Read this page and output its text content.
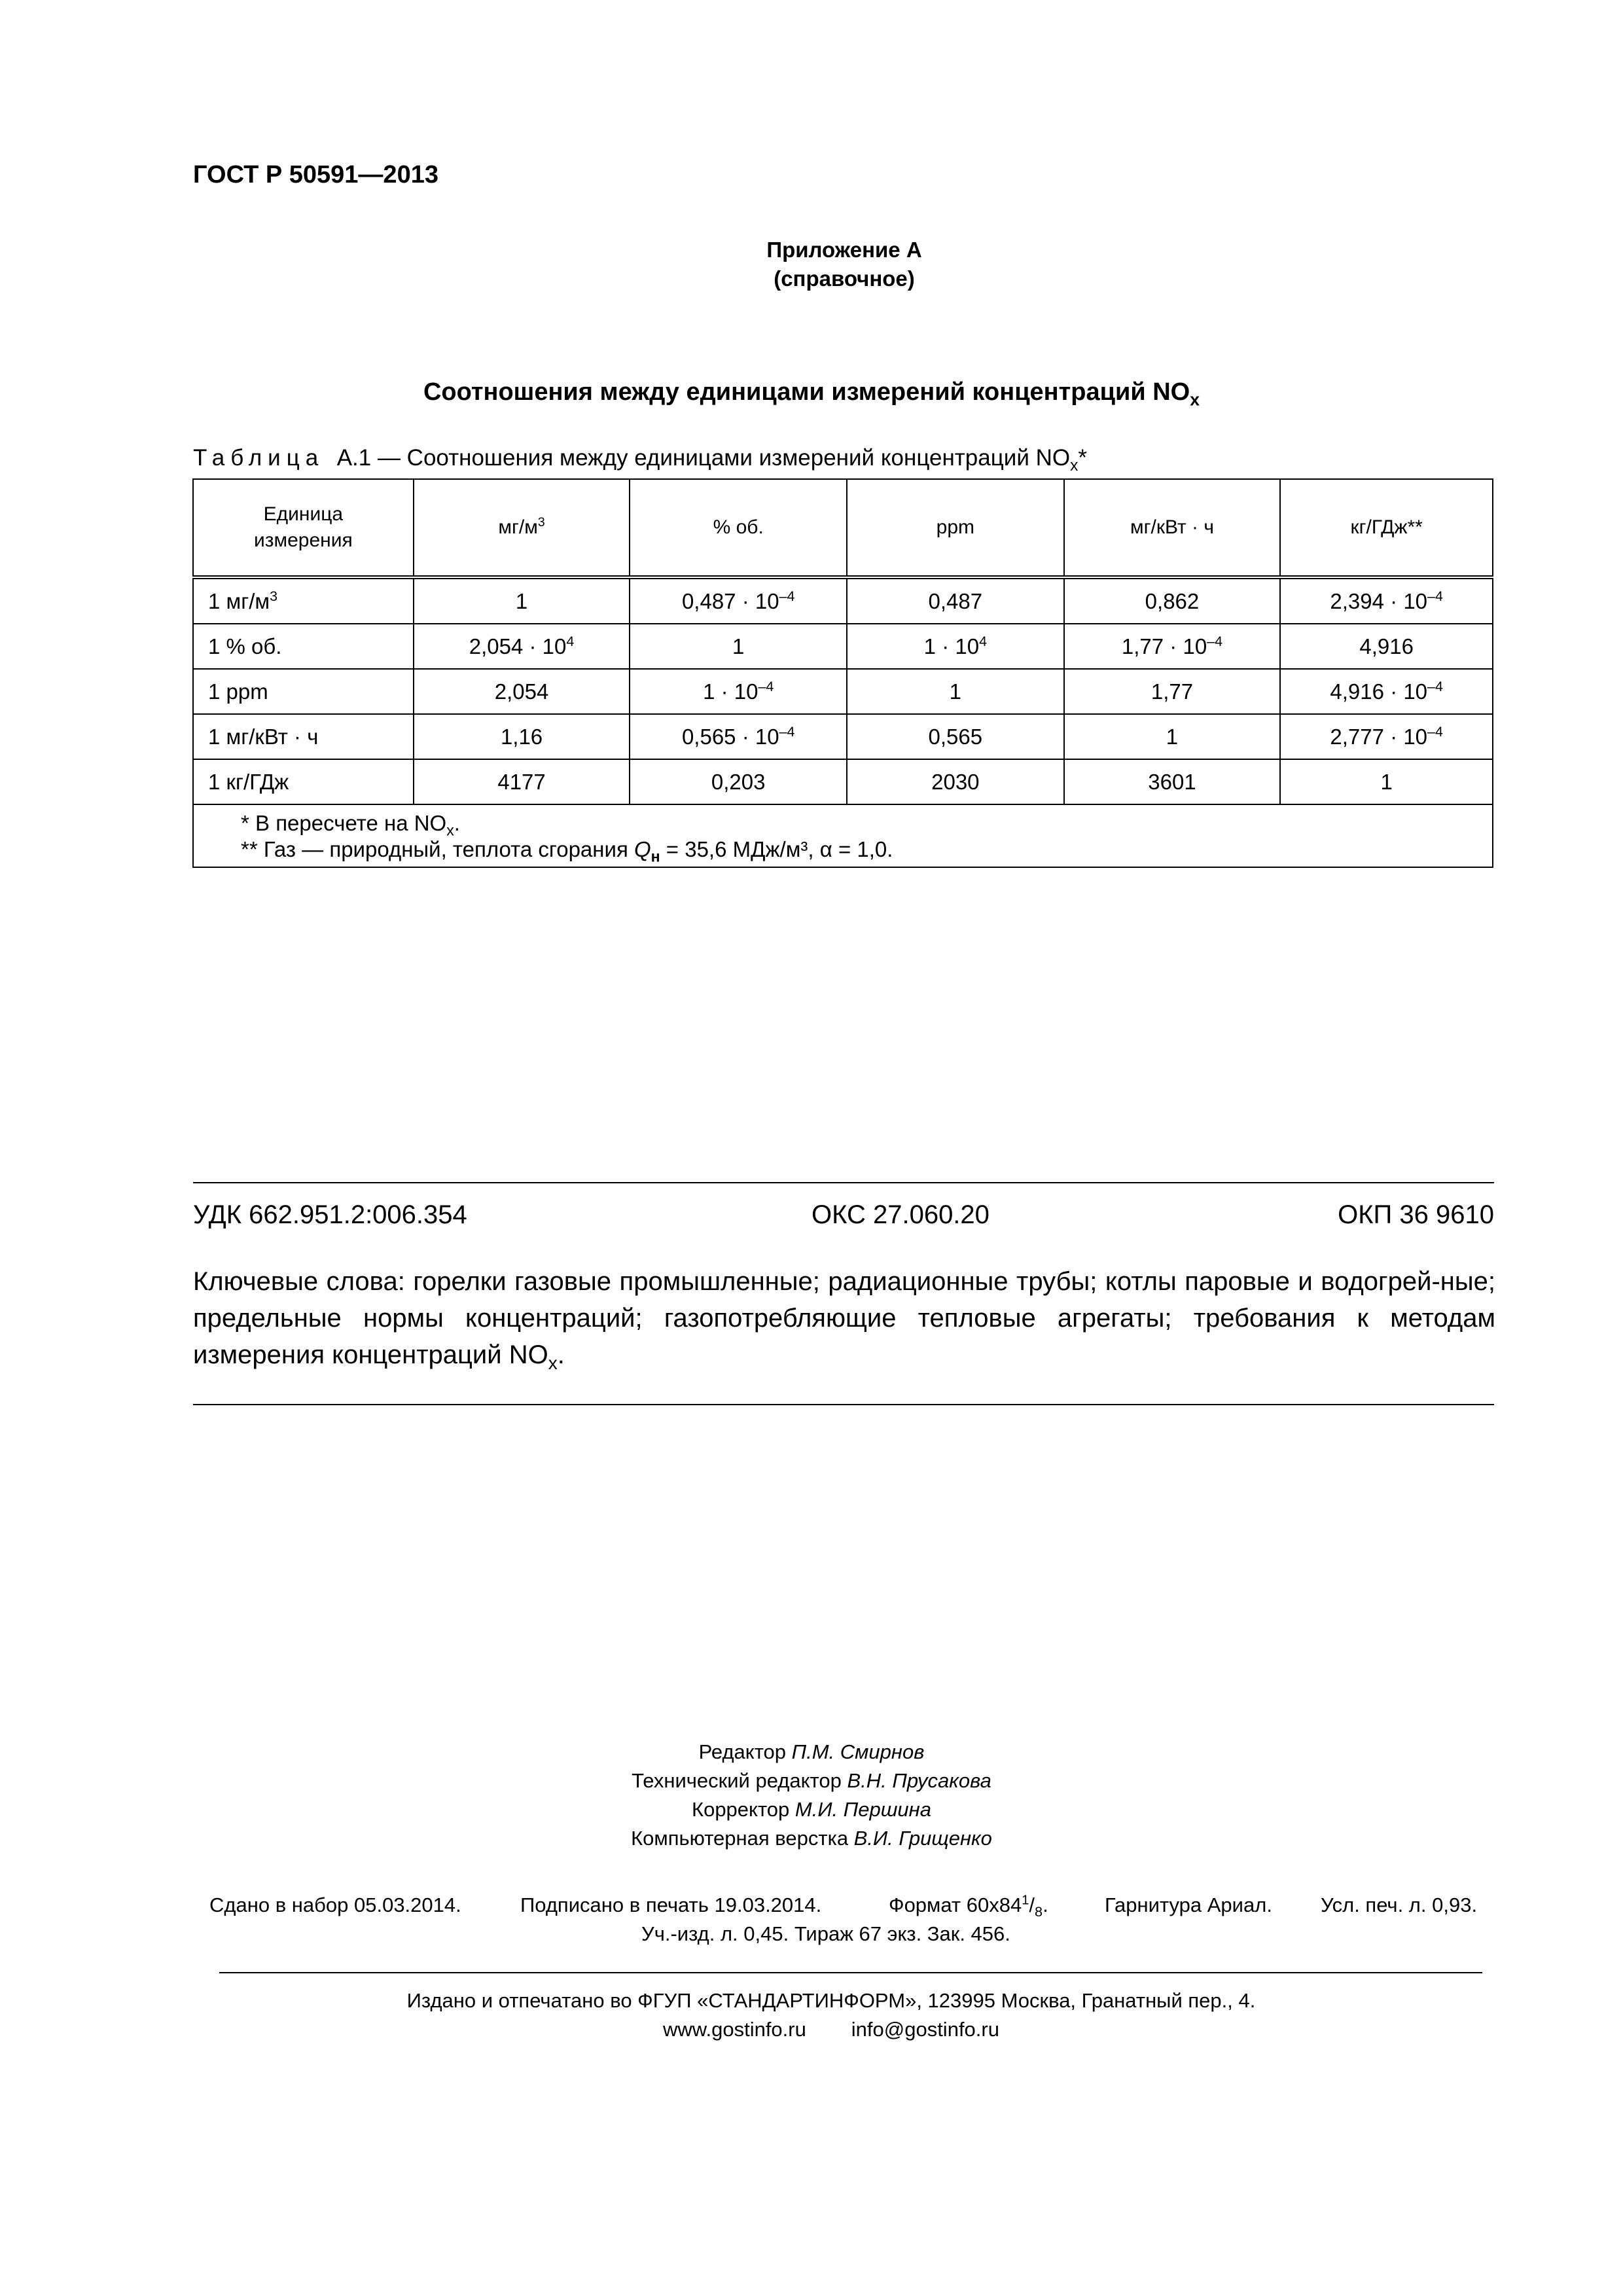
ГОСТ Р 50591—2013
Приложение А
(справочное)
Соотношения между единицами измерений концентраций $NO_x$
Таблица А.1 — Соотношения между единицами измерений концентраций $NO_x*$
Единица
измерения	$мг/м^3$	% об.	ppm	мг/кВт · ч	кг/ГДж**
1 $мг/м^3$	1	$0,487 \cdot 10^{-4}$	0,487	0,862	$2,394 \cdot 10^{-4}$
1 % об.	$2,054 \cdot 10^4$	1	$1 \cdot 10^4$	$1,77 \cdot 10^{-4}$	4,916
1 ppm	2,054	$1 \cdot 10^{-4}$	1	1,77	$4,916 \cdot 10^{-4}$
1 мг/кВт · ч	1,16	$0,565 \cdot 10^{-4}$	0,565	1	$2,777 \cdot 10^{-4}$
1 кг/ГДж	4177	0,203	2030	3601	1

* В пересчете на $NO_x$.
** Газ — природный, теплота сгорания $Q_н = 35,6$ МДж/м³, α = 1,0.					
УДК 662.951.2:006.354	ОКС 27.060.20	ОКП 36 9610
Ключевые слова: горелки газовые промышленные; радиационные трубы; котлы паровые и водогрей-ные; предельные нормы концентраций; газопотребляющие тепловые агрегаты; требования к методам измерения концентраций $NO_x$.
Редактор П.М. Смирнов
Технический редактор В.Н. Прусакова
Корректор М.И. Першина
Компьютерная верстка В.И. Грищенко
Сдано в набор 05.03.2014.	Подписано в печать 19.03.2014.	Формат $60x84^1/_8$.	Гарнитура Ариал. Усл. печ. л. 0,93.
Уч.-изд. л. 0,45. Тираж 67 экз. Зак. 456.
Издано и отпечатано во ФГУП «СТАНДАРТИНФОРМ», 123995 Москва, Гранатный пер., 4.
www.gostinfo.ru info@gostinfo.ru
